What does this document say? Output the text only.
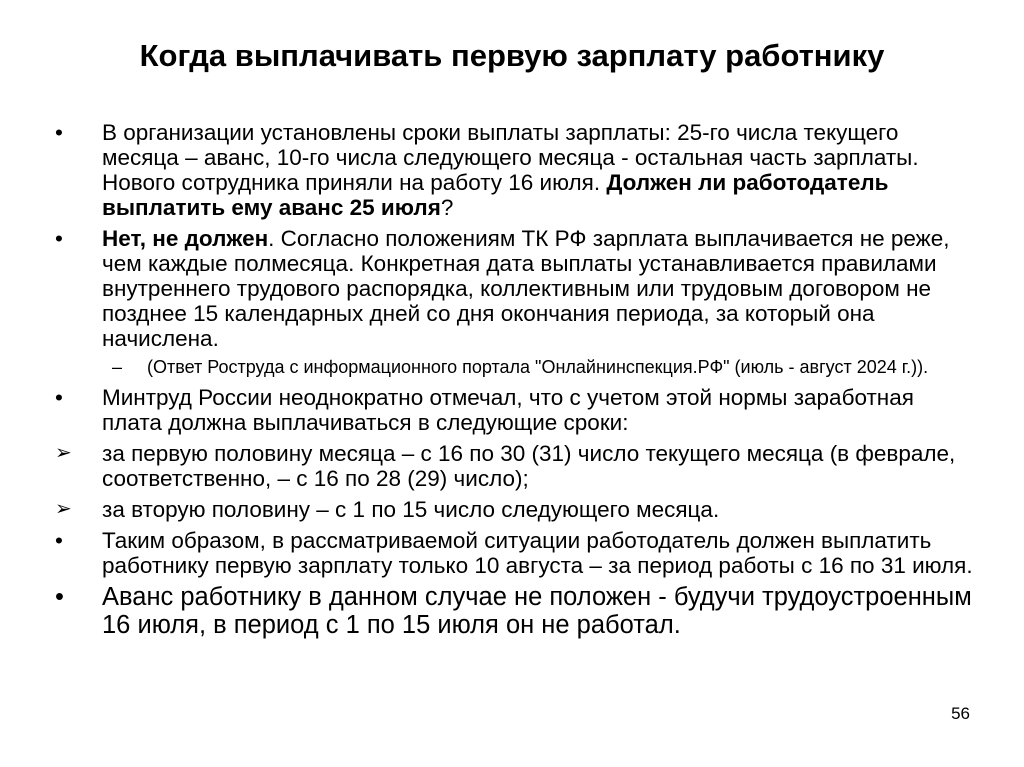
Когда выплачивать первую зарплату работнику
•	В организации установлены сроки выплаты зарплаты: 25-го числа текущего месяца – аванс, 10-го числа следующего месяца - остальная часть зарплаты. Нового сотрудника приняли на работу 16 июля. Должен ли работодатель выплатить ему аванс 25 июля?
•	Нет, не должен. Согласно положениям ТК РФ зарплата выплачивается не реже, чем каждые полмесяца. Конкретная дата выплаты устанавливается правилами внутреннего трудового распорядка, коллективным или трудовым договором не позднее 15 календарных дней со дня окончания периода, за который она начислена.
–	(Ответ Роструда с информационного портала "Онлайнинспекция.РФ" (июль - август 2024 г.)).
•	Минтруд России неоднократно отмечал, что с учетом этой нормы заработная плата должна выплачиваться в следующие сроки:
➢	за первую половину месяца – с 16 по 30 (31) число текущего месяца (в феврале, соответственно, – с 16 по 28 (29) число);
➢	за вторую половину – с 1 по 15 число следующего месяца.
•	Таким образом, в рассматриваемой ситуации работодатель должен выплатить работнику первую зарплату только 10 августа – за период работы с 16 по 31 июля.
•	Аванс работнику в данном случае не положен - будучи трудоустроенным 16 июля, в период с 1 по 15 июля он не работал.
56
